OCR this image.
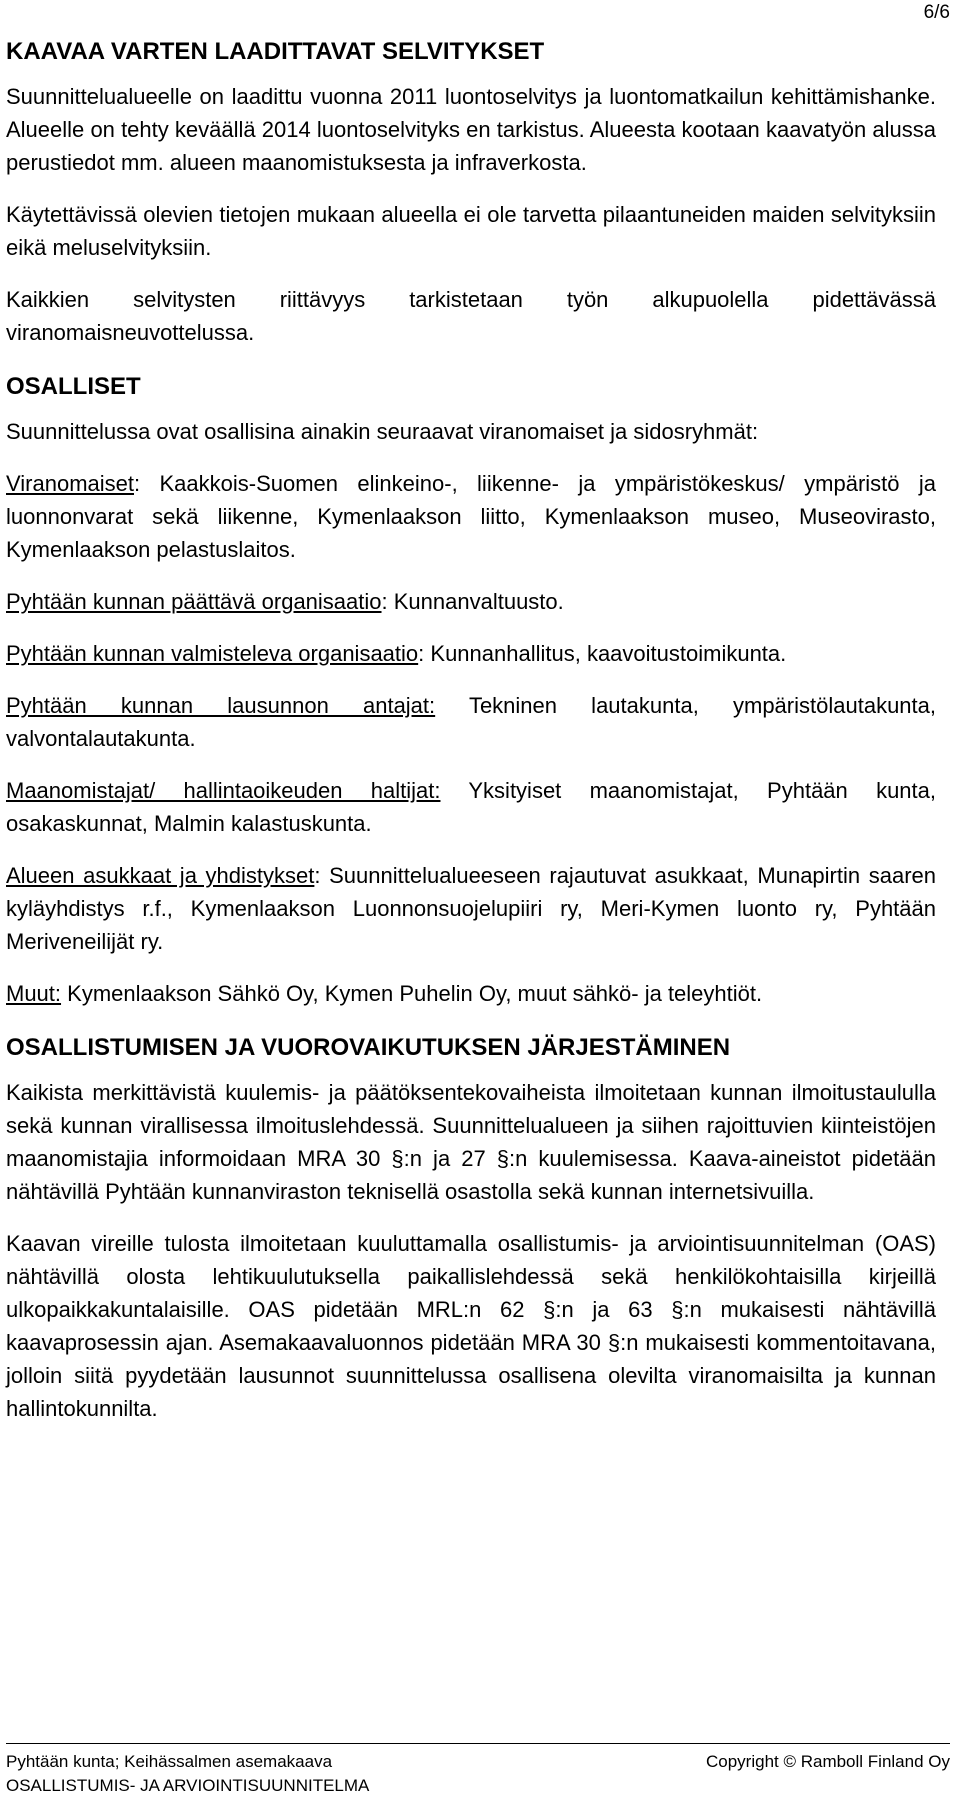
6/6
KAAVAA VARTEN LAADITTAVAT SELVITYKSET
Suunnittelualueelle on laadittu vuonna 2011 luontoselvitys ja luontomatkailun kehittämishanke. Alueelle on tehty keväällä 2014 luontoselvityks en tarkistus. Alueesta kootaan kaavatyön alussa perustiedot mm. alueen maanomistuksesta ja infraverkosta.
Käytettävissä olevien tietojen mukaan alueella ei ole tarvetta pilaantuneiden maiden selvityksiin eikä meluselvityksiin.
Kaikkien selvitysten riittävyys tarkistetaan työn alkupuolella pidettävässä viranomaisneuvottelussa.
OSALLISET
Suunnittelussa ovat osallisina ainakin seuraavat viranomaiset ja sidosryhmät:
Viranomaiset: Kaakkois-Suomen elinkeino-, liikenne- ja ympäristökeskus/ ympäristö ja luonnonvarat sekä liikenne, Kymenlaakson liitto, Kymenlaakson museo, Museovirasto, Kymenlaakson pelastuslaitos.
Pyhtään kunnan päättävä organisaatio: Kunnanvaltuusto.
Pyhtään kunnan valmisteleva organisaatio: Kunnanhallitus, kaavoitustoimikunta.
Pyhtään kunnan lausunnon antajat: Tekninen lautakunta, ympäristölautakunta, valvontalautakunta.
Maanomistajat/ hallintaoikeuden haltijat: Yksityiset maanomistajat, Pyhtään kunta, osakaskunnat, Malmin kalastuskunta.
Alueen asukkaat ja yhdistykset: Suunnittelualueeseen rajautuvat asukkaat, Munapirtin saaren kyläyhdistys r.f., Kymenlaakson Luonnonsuojelupiiri ry, Meri-Kymen luonto ry, Pyhtään Meriveneilijät ry.
Muut: Kymenlaakson Sähkö Oy, Kymen Puhelin Oy, muut sähkö- ja teleyhtiöt.
OSALLISTUMISEN JA VUOROVAIKUTUKSEN JÄRJESTÄMINEN
Kaikista merkittävistä kuulemis- ja päätöksentekovaiheista ilmoitetaan kunnan ilmoitustaululla sekä kunnan virallisessa ilmoituslehdessä. Suunnittelualueen ja siihen rajoittuvien kiinteistöjen maanomistajia informoidaan MRA 30 §:n ja 27 §:n kuulemisessa. Kaava-aineistot pidetään nähtävillä Pyhtään kunnanviraston teknisellä osastolla sekä kunnan internetsivuilla.
Kaavan vireille tulosta ilmoitetaan kuuluttamalla osallistumis- ja arviointisuunnitelman (OAS) nähtävillä olosta lehtikuulutuksella paikallislehdessä sekä henkilökohtaisilla kirjeillä ulkopaikkakuntalaisille. OAS pidetään MRL:n 62 §:n ja 63 §:n mukaisesti nähtävillä kaavaprosessin ajan. Asemakaavaluonnos pidetään MRA 30 §:n mukaisesti kommentoitavana, jolloin siitä pyydetään lausunnot suunnittelussa osallisena olevilta viranomaisilta ja kunnan hallintokunnilta.
Pyhtään kunta; Keihässalmen asemakaava
OSALLISTUMIS- JA ARVIOINTISUUNNITELMA
Copyright © Ramboll Finland Oy
